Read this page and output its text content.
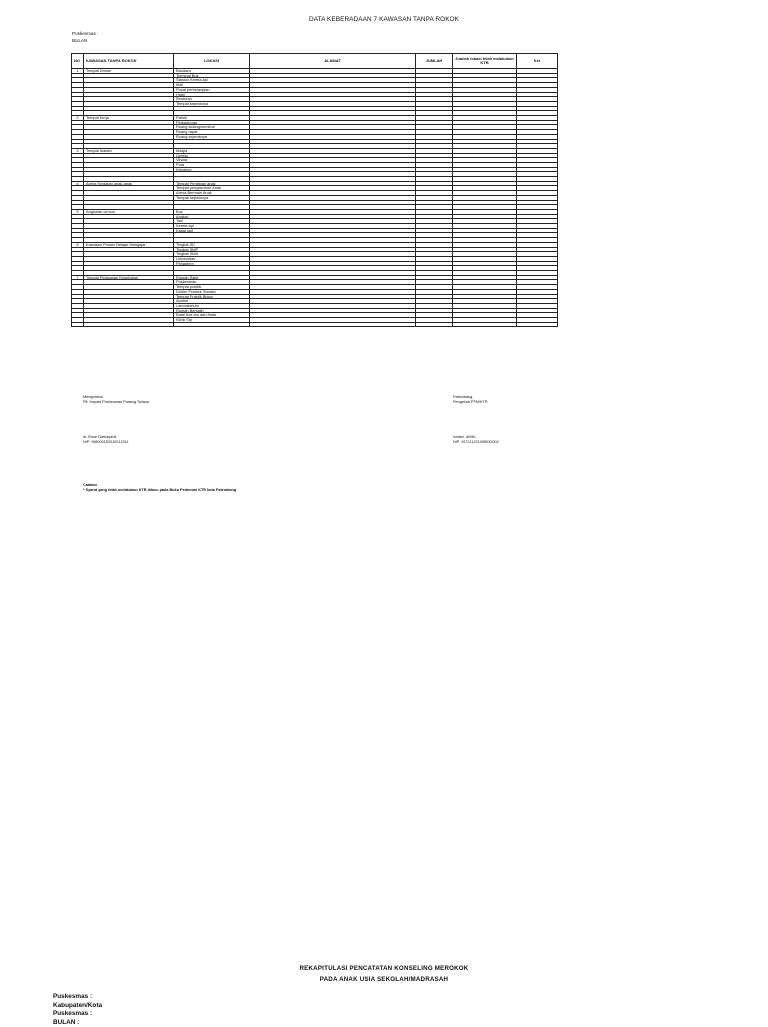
DATA KEBERADAAN 7 KAWASAN TANPA ROKOK
Puskesmas :
BULAN
NO	KAWASAN TANPA ROKOK	LOKASI	ALAMAT	JUMLAH	Jumlah lokasi telah melakukan KTR	Ket
1	Tempat Umum	Bandara				
		Terminal Bus				
		Stasiun Kereta Api				
		Mall				
		Pusat perbelanjaan				
		Hotel				
		Restoran				
		Tempat sejenisnya				

2	Tempat Kerja	Pabrik				
		Perkantoran				
		Ruang sidang/seminar				
		Ruang rapat				
		Ruang sejenisnya				

3	Tempat Ibadah	Masjid				
		Gereja				
		Vihara				
		Pura				
		Klenteng				

4	Arena Kegiatan anak-anak	Tempat Penitipan anak				
		Tempat pengasuhan Anak				
		Arena Bermain Anak				
		Tempat sejenisnya				

5	Angkutan Umum	Bus				
		Angkot				
		Taxi				
		Kereta Api				
		Kapal laut				

6	Kawasan Proses Belajar Mengajar	Tingkat SD				
		Tingkat SMP				
		Tingkat SMA				
		Universitas				
		Pesantren				

7	Tempat Pelayanan Kesehatan	Rumah Sakit				
		Puskesmas				
		Tempat praktik				
		Dokter Praktek Swasta				
		Tempat Praktik Bidan				
		Apotek				
		Laboratorium				
		Rumah Bersalin				
		Balai Kes Ibu dan Anak				
		Klinik Sip				

Mengetahui,
Plt. Kepala Puskesmas Padang Selasa
dr. Rose Damayanti
NIP. 198009152010012011
Palembang,
Pengelola PTM/KTR
Isnaini, AMKL
NIP. 197211221998032002
Catatan
* Syarat yang telah melakukan KTR dilacu pada Buku Pedoman KTR kota Palembang
REKAPITULASI PENCATATAN KONSELING MEROKOK
PADA ANAK USIA SEKOLAH/MADRASAH
Puskesmas :
Kabupaten/Kota
Puskesmas :
BULAN :
